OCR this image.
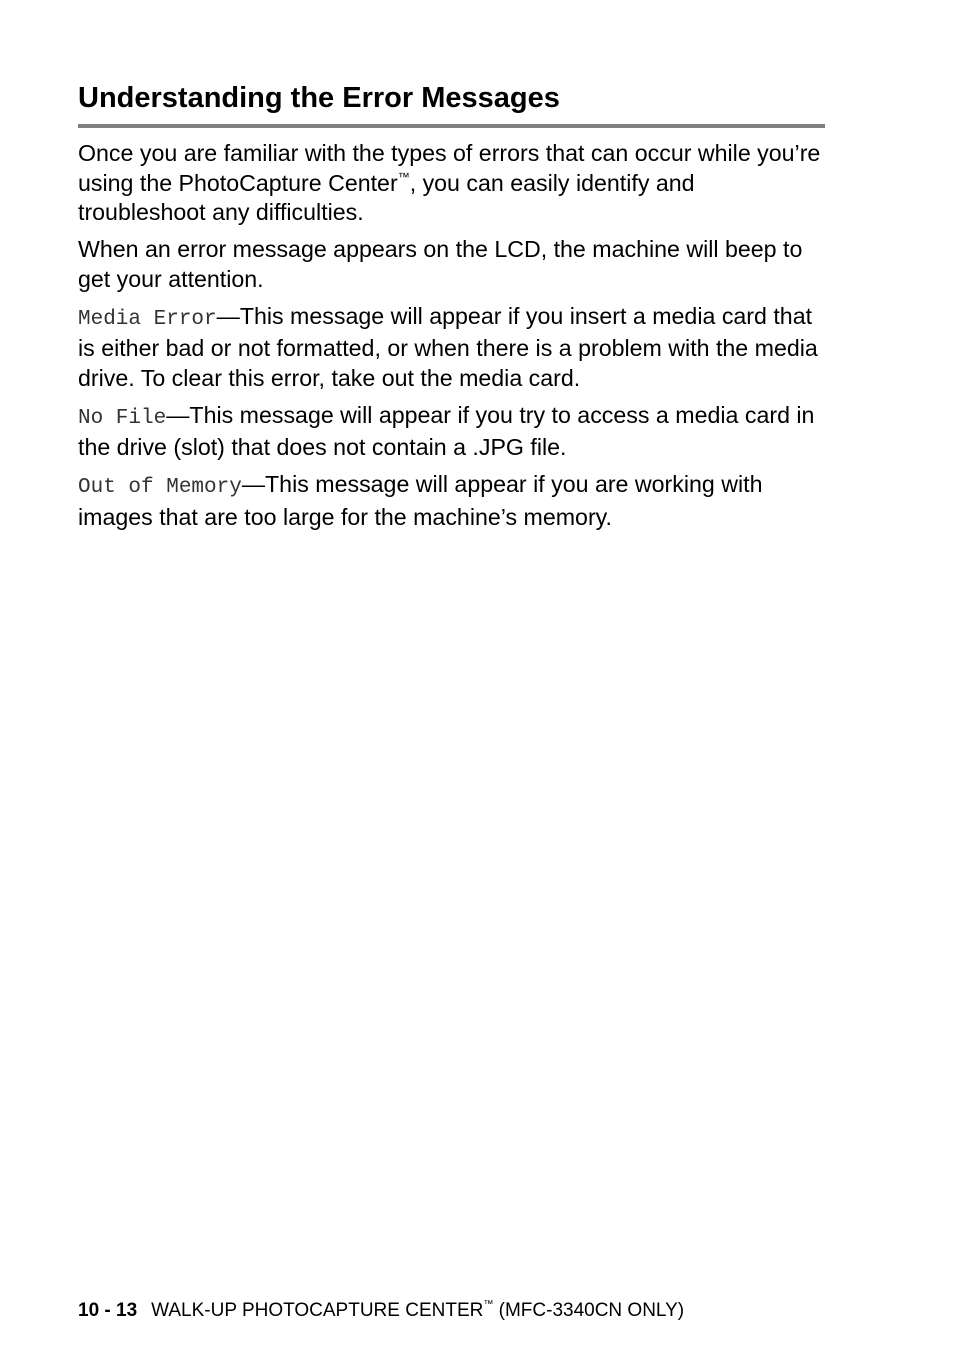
Understanding the Error Messages

Once you are familiar with the types of errors that can occur while you’re using the PhotoCapture Center™, you can easily identify and troubleshoot any difficulties.

When an error message appears on the LCD, the machine will beep to get your attention.

Media Error—This message will appear if you insert a media card that is either bad or not formatted, or when there is a problem with the media drive. To clear this error, take out the media card.

No File—This message will appear if you try to access a media card in the drive (slot) that does not contain a .JPG file.

Out of Memory—This message will appear if you are working with images that are too large for the machine’s memory.

10 - 13 WALK-UP PHOTOCAPTURE CENTER™ (MFC-3340CN ONLY)
